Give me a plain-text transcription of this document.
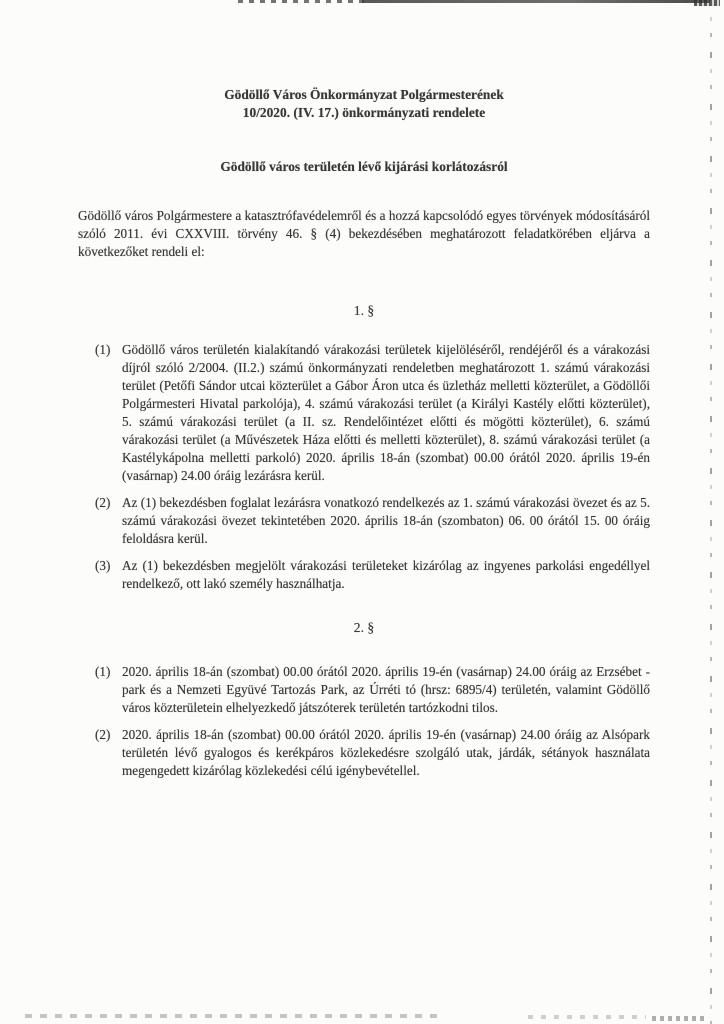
Gödöllő Város Önkormányzat Polgármesterének
10/2020. (IV. 17.) önkormányzati rendelete
Gödöllő város területén lévő kijárási korlátozásról

Gödöllő város Polgármestere a katasztrófavédelemről és a hozzá kapcsolódó egyes törvények módosításáról szóló 2011. évi CXXVIII. törvény 46. § (4) bekezdésében meghatározott feladatkörében eljárva a következőket rendeli el:

1. §
(1) Gödöllő város területén kialakítandó várakozási területek kijelöléséről, rendéjéről és a várakozási díjról szóló 2/2004. (II.2.) számú önkormányzati rendeletben meghatározott 1. számú várakozási terület (Petőfi Sándor utcai közterület a Gábor Áron utca és üzletház melletti közterület, a Gödöllői Polgármesteri Hivatal parkolója), 4. számú várakozási terület (a Királyi Kastély előtti közterület), 5. számú várakozási terület (a II. sz. Rendelőintézet előtti és mögötti közterület), 6. számú várakozási terület (a Művészetek Háza előtti és melletti közterület), 8. számú várakozási terület (a Kastélykápolna melletti parkoló) 2020. április 18-án (szombat) 00.00 órától 2020. április 19-én (vasárnap) 24.00 óráig lezárásra kerül.
(2) Az (1) bekezdésben foglalat lezárásra vonatkozó rendelkezés az 1. számú várakozási övezet és az 5. számú várakozási övezet tekintetében 2020. április 18-án (szombaton) 06. 00 órától 15. 00 óráig feloldásra kerül.
(3) Az (1) bekezdésben megjelölt várakozási területeket kizárólag az ingyenes parkolási engedéllyel rendelkező, ott lakó személy használhatja.
2. §
(1) 2020. április 18-án (szombat) 00.00 órától 2020. április 19-én (vasárnap) 24.00 óráig az Erzsébet -park és a Nemzeti Együvé Tartozás Park, az Úrréti tó (hrsz: 6895/4) területén, valamint Gödöllő város közterületein elhelyezkedő játszóterek területén tartózkodni tilos.
(2) 2020. április 18-án (szombat) 00.00 órától 2020. április 19-én (vasárnap) 24.00 óráig az Alsópark területén lévő gyalogos és kerékpáros közlekedésre szolgáló utak, járdák, sétányok használata megengedett kizárólag közlekedési célú igénybevétellel.
